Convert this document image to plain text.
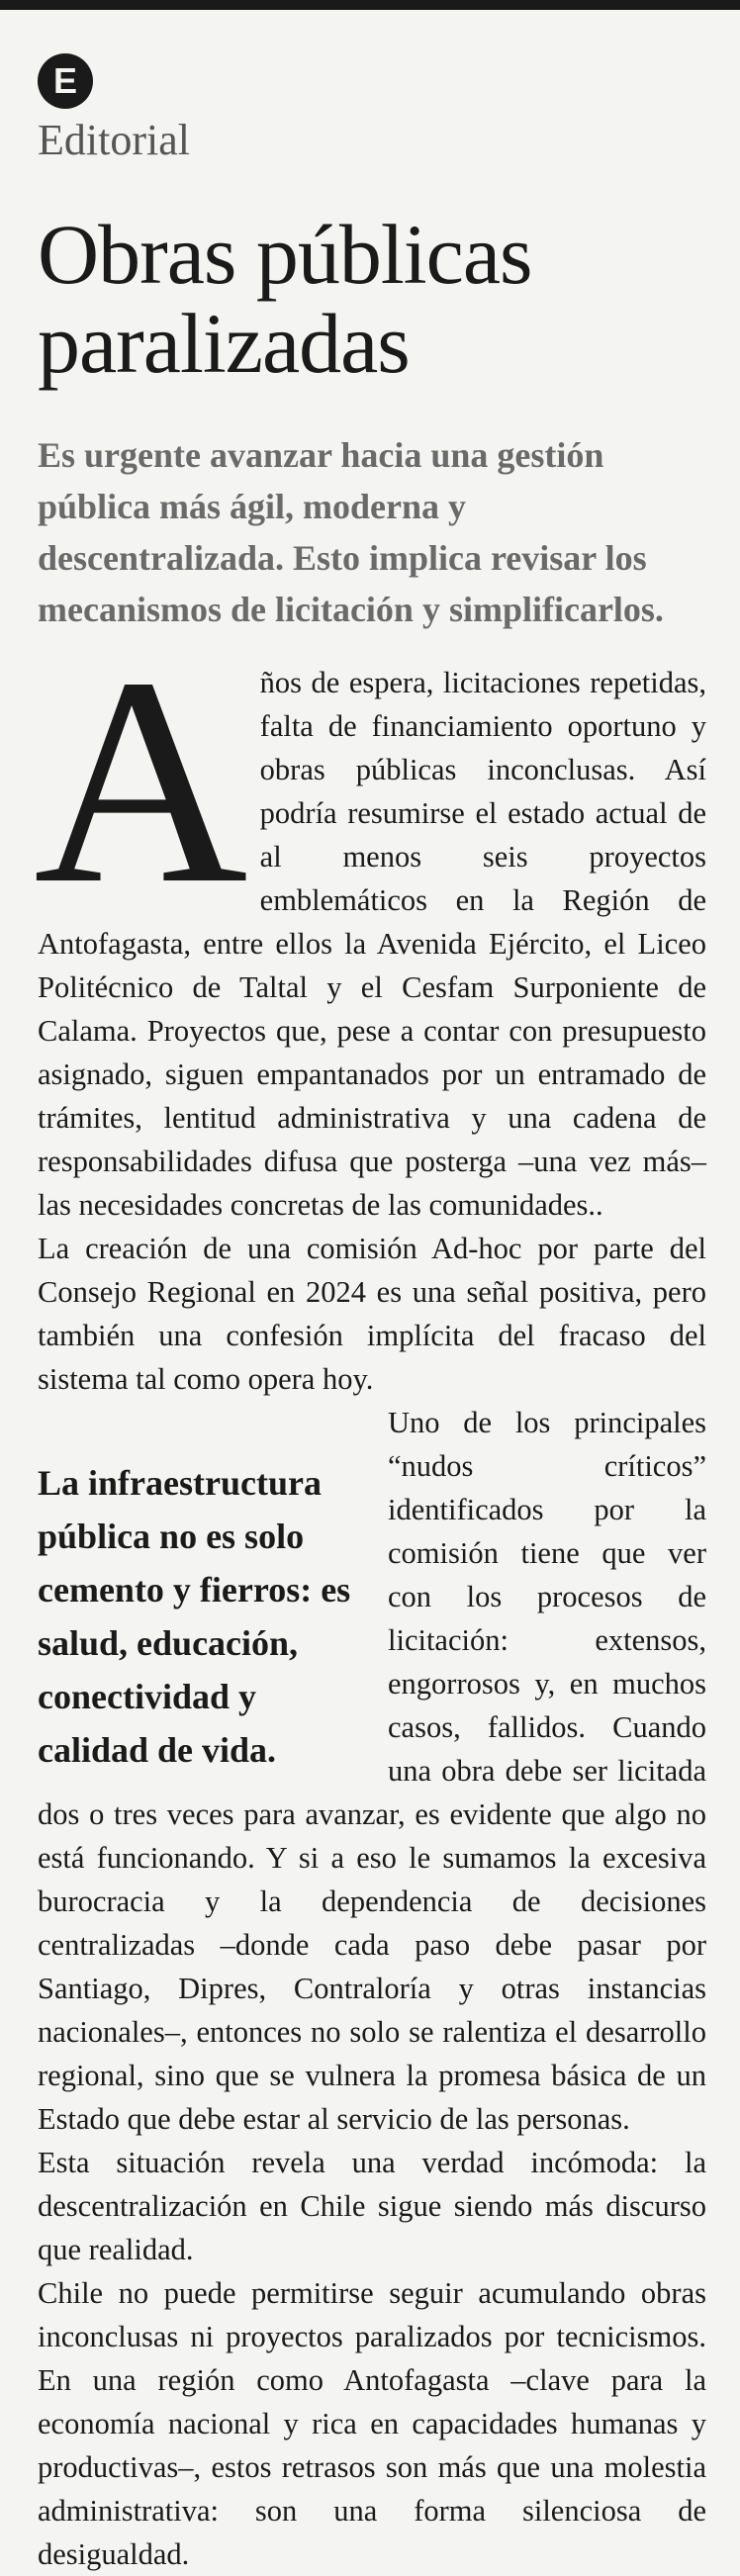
E
Editorial
Obras públicas paralizadas

Es urgente avanzar hacia una gestión pública más ágil, moderna y descentralizada. Esto implica revisar los mecanismos de licitación y simplificarlos.

Años de espera, licitaciones repetidas, falta de financiamiento oportuno y obras públicas inconclusas. Así podría resumirse el estado actual de al menos seis proyectos emblemáticos en la Región de Antofagasta, entre ellos la Avenida Ejército, el Liceo Politécnico de Taltal y el Cesfam Surponiente de Calama. Proyectos que, pese a contar con presupuesto asignado, siguen empantanados por un entramado de trámites, lentitud administrativa y una cadena de responsabilidades difusa que posterga –una vez más– las necesidades concretas de las comunidades..

La creación de una comisión Ad-hoc por parte del Consejo Regional en 2024 es una señal positiva, pero también una confesión implícita del fracaso del sistema tal como opera hoy.

La infraestructura pública no es solo cemento y fierros: es salud, educación, conectividad y calidad de vida.

Uno de los principales “nudos críticos” identificados por la comisión tiene que ver con los procesos de licitación: extensos, engorrosos y, en muchos casos, fallidos. Cuando una obra debe ser licitada dos o tres veces para avanzar, es evidente que algo no está funcionando. Y si a eso le sumamos la excesiva burocracia y la dependencia de decisiones centralizadas –donde cada paso debe pasar por Santiago, Dipres, Contraloría y otras instancias nacionales–, entonces no solo se ralentiza el desarrollo regional, sino que se vulnera la promesa básica de un Estado que debe estar al servicio de las personas.

Esta situación revela una verdad incómoda: la descentralización en Chile sigue siendo más discurso que realidad.

Chile no puede permitirse seguir acumulando obras inconclusas ni proyectos paralizados por tecnicismos. En una región como Antofagasta –clave para la economía nacional y rica en capacidades humanas y productivas–, estos retrasos son más que una molestia administrativa: son una forma silenciosa de desigualdad.
